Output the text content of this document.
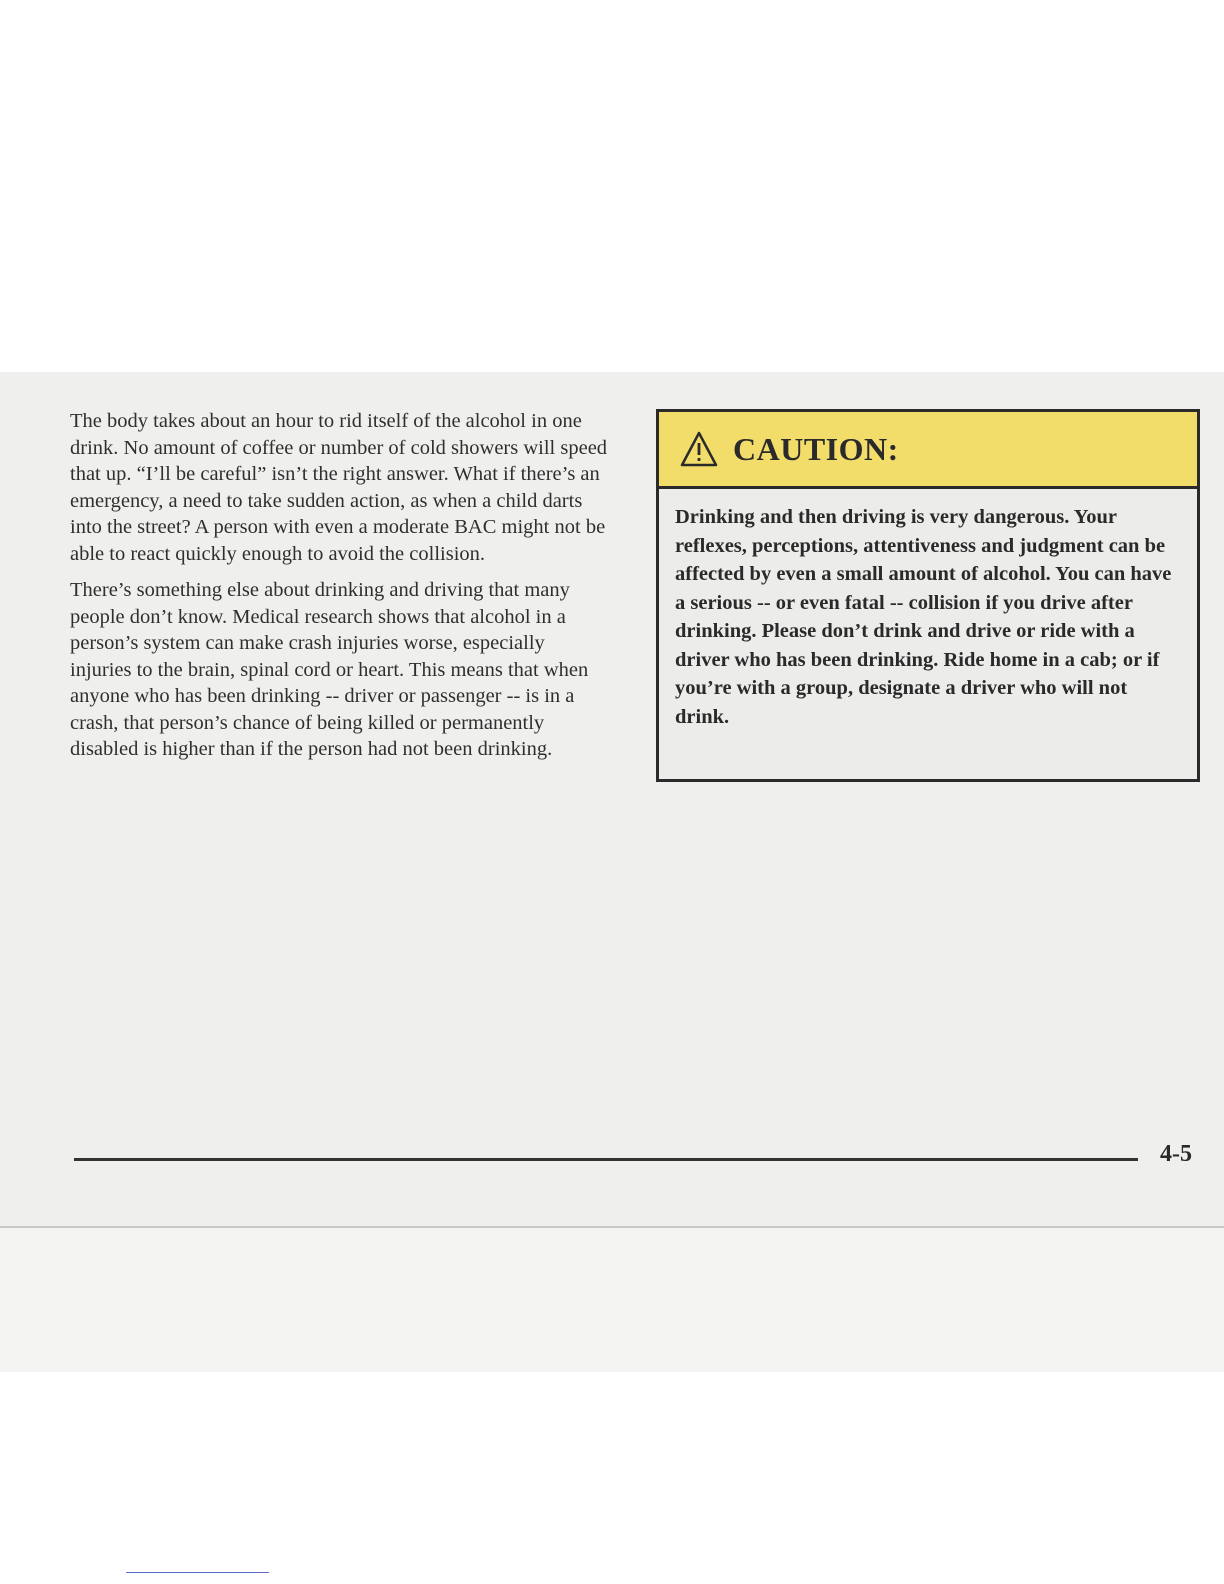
The body takes about an hour to rid itself of the alcohol in one drink. No amount of coffee or number of cold showers will speed that up. “I’ll be careful” isn’t the right answer. What if there’s an emergency, a need to take sudden action, as when a child darts into the street? A person with even a moderate BAC might not be able to react quickly enough to avoid the collision.

There’s something else about drinking and driving that many people don’t know. Medical research shows that alcohol in a person’s system can make crash injuries worse, especially injuries to the brain, spinal cord or heart. This means that when anyone who has been drinking -- driver or passenger -- is in a crash, that person’s chance of being killed or permanently disabled is higher than if the person had not been drinking.

CAUTION:
Drinking and then driving is very dangerous. Your reflexes, perceptions, attentiveness and judgment can be affected by even a small amount of alcohol. You can have a serious -- or even fatal -- collision if you drive after drinking. Please don’t drink and drive or ride with a driver who has been drinking. Ride home in a cab; or if you’re with a group, designate a driver who will not drink.
4-5
